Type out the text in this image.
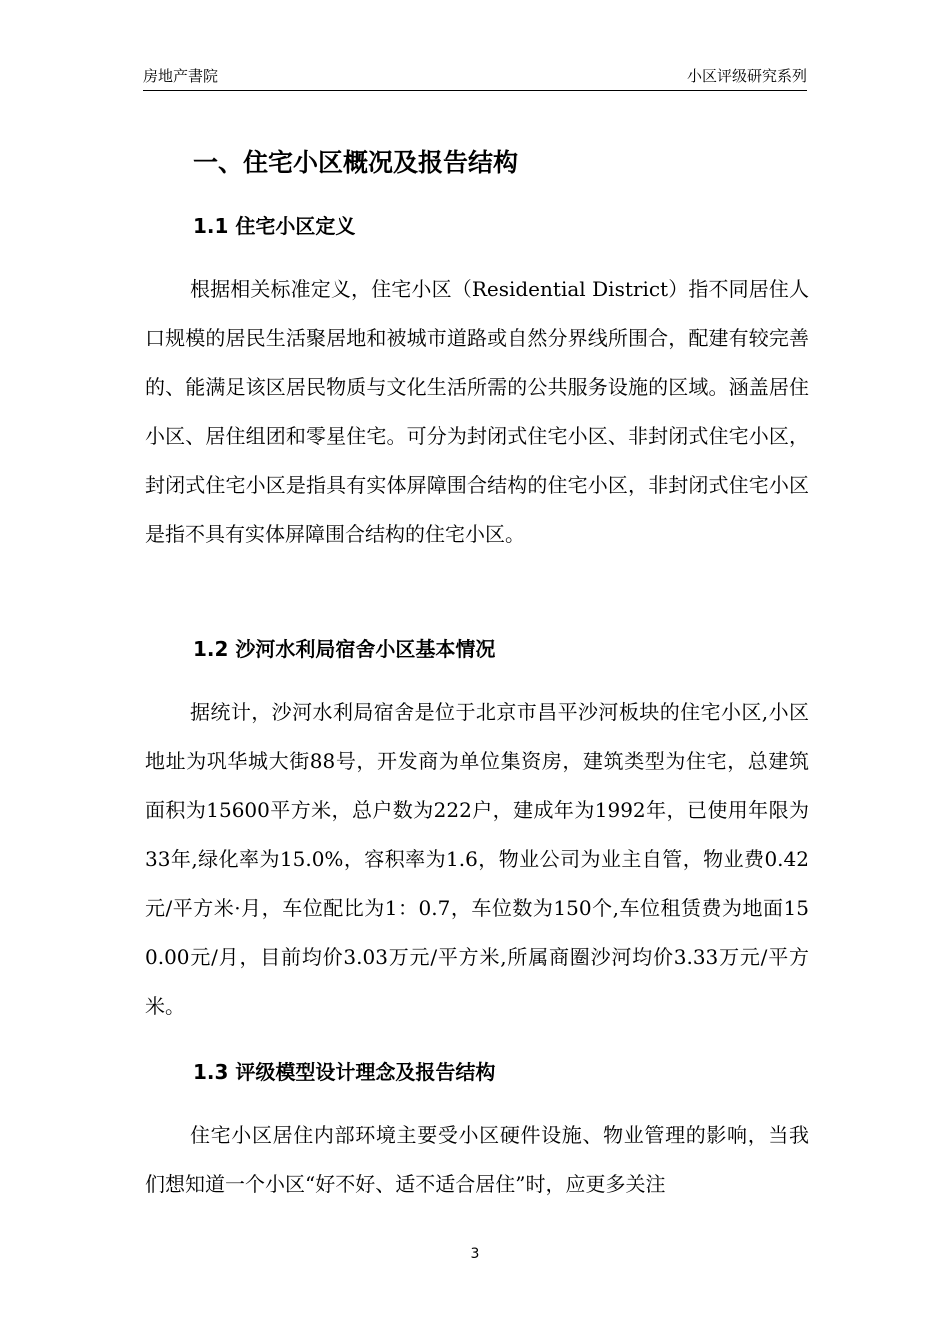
房地产書院	小区评级研究系列
一、住宅小区概况及报告结构
1.1 住宅小区定义
根据相关标准定义，住宅小区（Residential District）指不同居住人口规模的居民生活聚居地和被城市道路或自然分界线所围合，配建有较完善的、能满足该区居民物质与文化生活所需的公共服务设施的区域。涵盖居住小区、居住组团和零星住宅。可分为封闭式住宅小区、非封闭式住宅小区，封闭式住宅小区是指具有实体屏障围合结构的住宅小区，非封闭式住宅小区是指不具有实体屏障围合结构的住宅小区。
1.2 沙河水利局宿舍小区基本情况
据统计，沙河水利局宿舍是位于北京市昌平沙河板块的住宅小区,小区地址为巩华城大街88号，开发商为单位集资房，建筑类型为住宅，总建筑面积为15600平方米，总户数为222户，建成年为1992年，已使用年限为33年,绿化率为15.0%，容积率为1.6，物业公司为业主自管，物业费0.42元/平方米·月，车位配比为1：0.7，车位数为150个,车位租赁费为地面150.00元/月，目前均价3.03万元/平方米,所属商圈沙河均价3.33万元/平方米。
1.3 评级模型设计理念及报告结构
住宅小区居住内部环境主要受小区硬件设施、物业管理的影响，当我们想知道一个小区“好不好、适不适合居住”时，应更多关注
3
